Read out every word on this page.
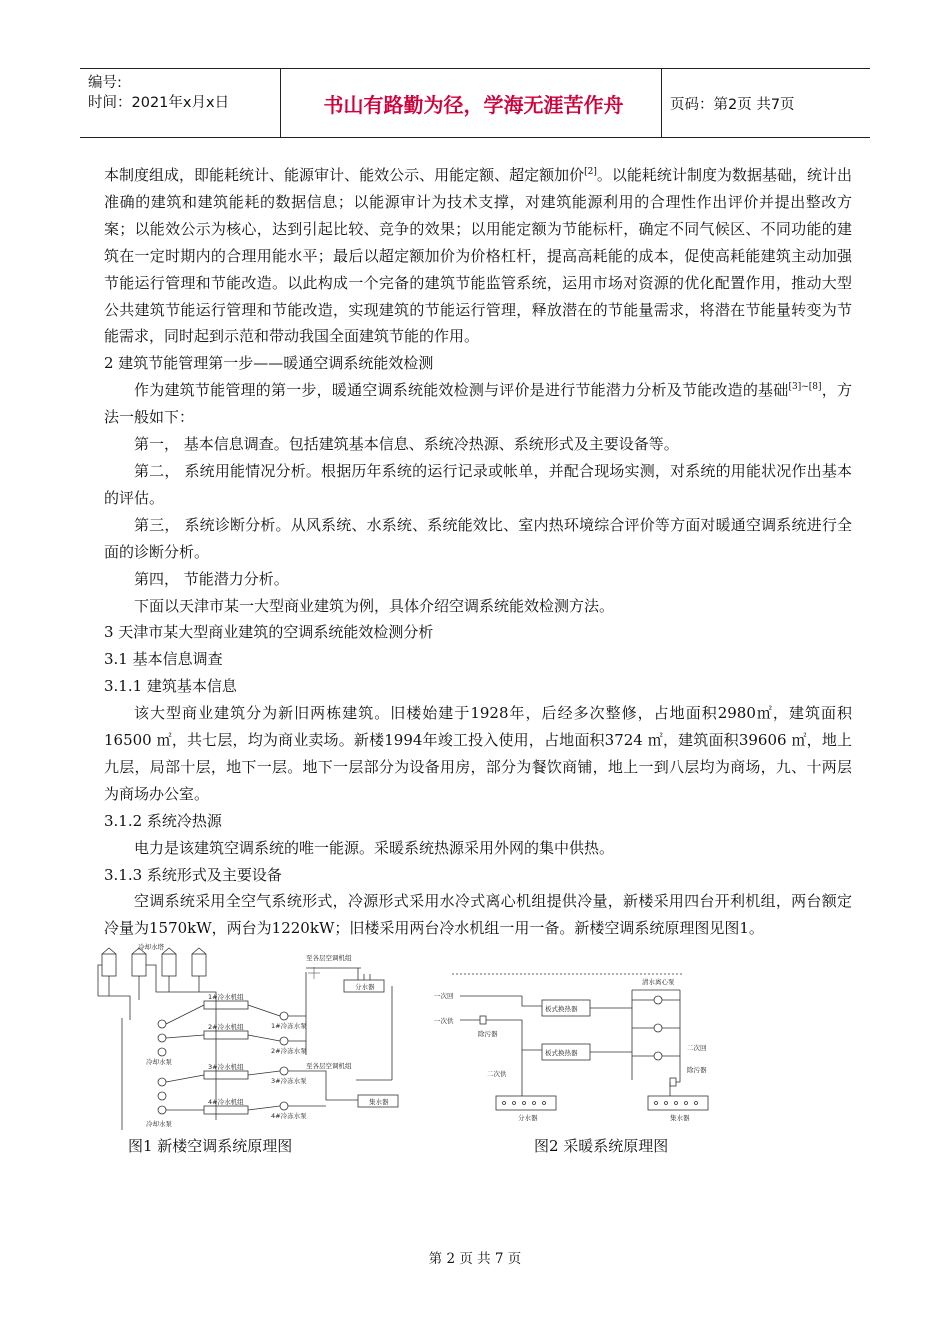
编号:
时间：2021年x月x日	书山有路勤为径，学海无涯苦作舟	页码：第2页 共7页

本制度组成，即能耗统计、能源审计、能效公示、用能定额、超定额加价[2]。以能耗统计制度为数据基础，统计出准确的建筑和建筑能耗的数据信息；以能源审计为技术支撑，对建筑能源利用的合理性作出评价并提出整改方案；以能效公示为核心，达到引起比较、竞争的效果；以用能定额为节能标杆，确定不同气候区、不同功能的建筑在一定时期内的合理用能水平；最后以超定额加价为价格杠杆，提高高耗能的成本，促使高耗能建筑主动加强节能运行管理和节能改造。以此构成一个完备的建筑节能监管系统，运用市场对资源的优化配置作用，推动大型公共建筑节能运行管理和节能改造，实现建筑的节能运行管理，释放潜在的节能量需求，将潜在节能量转变为节能需求，同时起到示范和带动我国全面建筑节能的作用。

2 建筑节能管理第一步——暖通空调系统能效检测

作为建筑节能管理的第一步，暖通空调系统能效检测与评价是进行节能潜力分析及节能改造的基础[3]~[8]，方法一般如下：

第一， 基本信息调查。包括建筑基本信息、系统冷热源、系统形式及主要设备等。

第二， 系统用能情况分析。根据历年系统的运行记录或帐单，并配合现场实测，对系统的用能状况作出基本的评估。

第三， 系统诊断分析。从风系统、水系统、系统能效比、室内热环境综合评价等方面对暖通空调系统进行全面的诊断分析。

第四， 节能潜力分析。

下面以天津市某一大型商业建筑为例，具体介绍空调系统能效检测方法。

3 天津市某大型商业建筑的空调系统能效检测分析

3.1 基本信息调查

3.1.1 建筑基本信息

该大型商业建筑分为新旧两栋建筑。旧楼始建于1928年，后经多次整修，占地面积2980㎡，建筑面积16500 ㎡，共七层，均为商业卖场。新楼1994年竣工投入使用，占地面积3724 ㎡，建筑面积39606 ㎡，地上九层，局部十层，地下一层。地下一层部分为设备用房，部分为餐饮商铺，地上一到八层均为商场，九、十两层为商场办公室。

3.1.2 系统冷热源

电力是该建筑空调系统的唯一能源。采暖系统热源采用外网的集中供热。

3.1.3 系统形式及主要设备

空调系统采用全空气系统形式，冷源形式采用水冷式离心机组提供冷量，新楼采用四台开利机组，两台额定冷量为1570kW，两台为1220kW；旧楼采用两台冷水机组一用一备。新楼空调系统原理图见图1。

冷却水塔
至各层空调机组
分水器
1#冷水机组
2#冷水机组
3#冷水机组
4#冷水机组
1#冷冻水泵
2#冷冻水泵
3#冷冻水泵
4#冷冻水泵
冷却水泵
冷却水泵
至各层空调机组
集水器
一次回
一次供
除污器
板式换热器
板式换热器
清水离心泵
二次回
二次供	除污器
分水器	集水器
图1 新楼空调系统原理图	图2 采暖系统原理图
第 2 页 共 7 页
